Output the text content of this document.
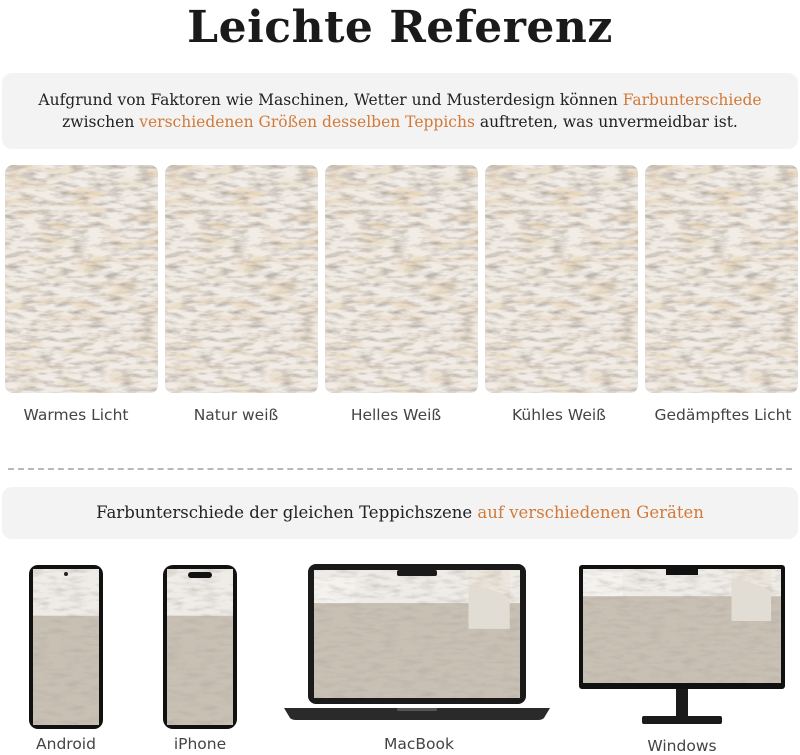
Leichte Referenz
Aufgrund von Faktoren wie Maschinen, Wetter und Musterdesign können Farbunterschiede
zwischen verschiedenen Größen desselben Teppichs auftreten, was unvermeidbar ist.
Warmes Licht	Natur weiß	Helles Weiß	Kühles Weiß	Gedämpftes Licht
Farbunterschiede der gleichen Teppichszene auf verschiedenen Geräten
Android	iPhone	MacBook	Windows
